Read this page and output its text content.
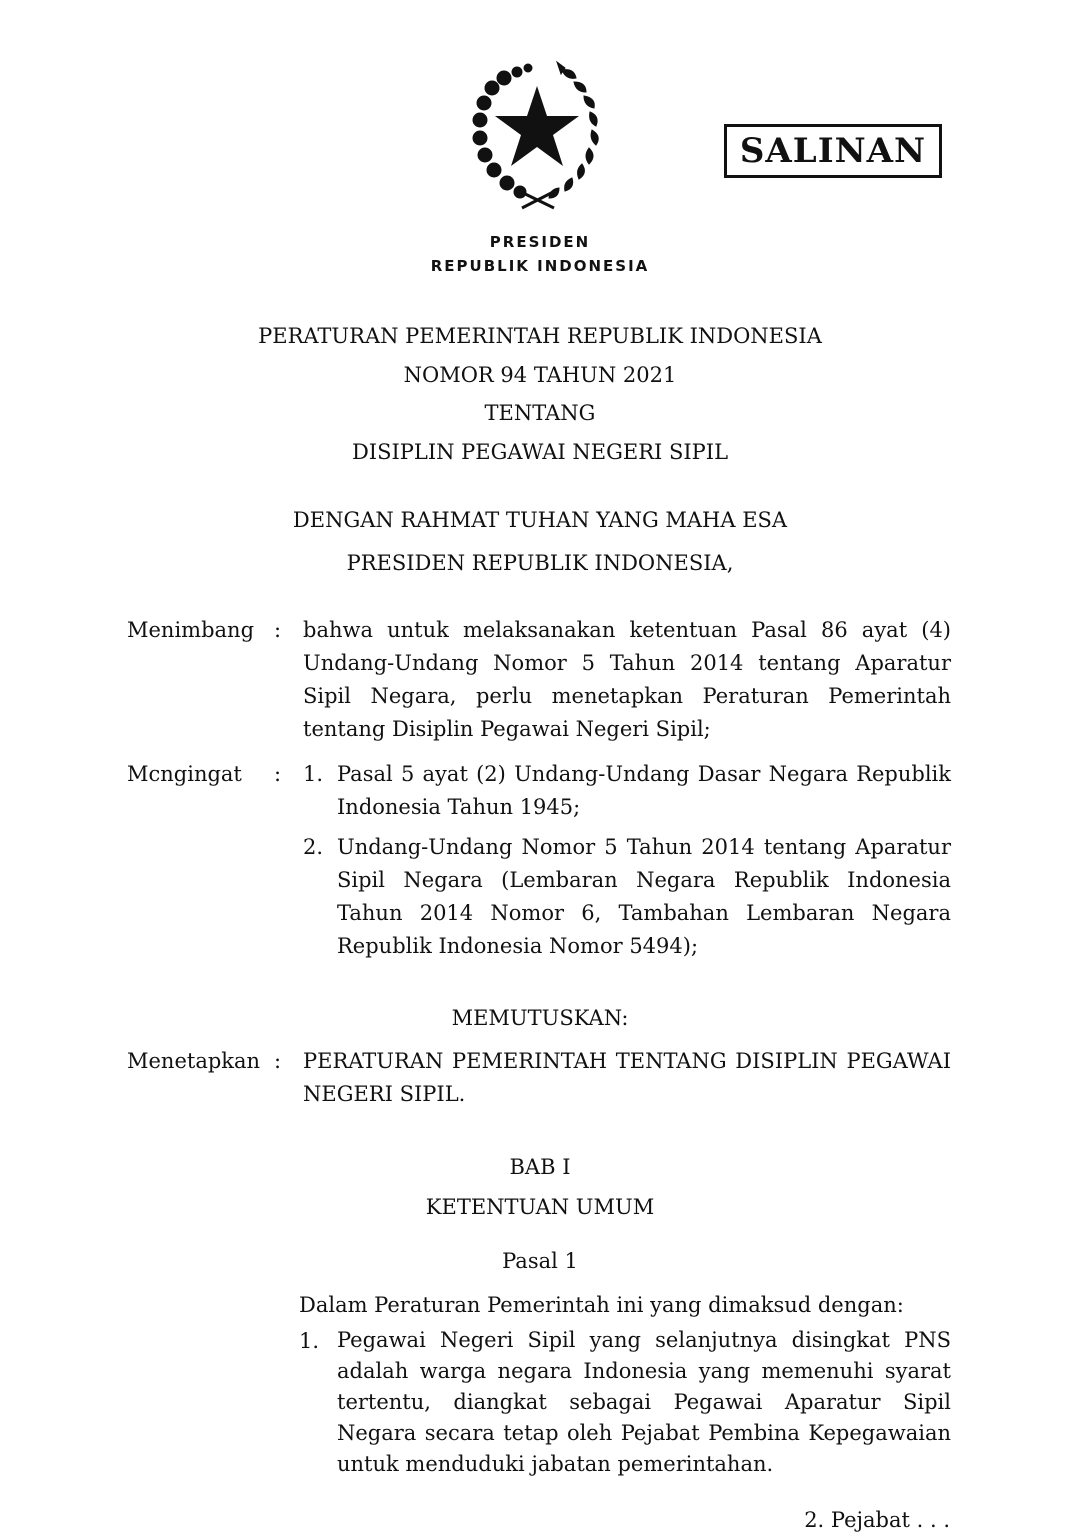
SALINAN
PRESIDEN
REPUBLIK INDONESIA
PERATURAN PEMERINTAH REPUBLIK INDONESIA
NOMOR 94 TAHUN 2021
TENTANG
DISIPLIN PEGAWAI NEGERI SIPIL
DENGAN RAHMAT TUHAN YANG MAHA ESA
PRESIDEN REPUBLIK INDONESIA,
Menimbang : bahwa untuk melaksanakan ketentuan Pasal 86 ayat (4) Undang-Undang Nomor 5 Tahun 2014 tentang Aparatur Sipil Negara, perlu menetapkan Peraturan Pemerintah tentang Disiplin Pegawai Negeri Sipil;
Mcngingat : 1. Pasal 5 ayat (2) Undang-Undang Dasar Negara Republik Indonesia Tahun 1945;
2. Undang-Undang Nomor 5 Tahun 2014 tentang Aparatur Sipil Negara (Lembaran Negara Republik Indonesia Tahun 2014 Nomor 6, Tambahan Lembaran Negara Republik Indonesia Nomor 5494);
MEMUTUSKAN:
Menetapkan : PERATURAN PEMERINTAH TENTANG DISIPLIN PEGAWAI NEGERI SIPIL.
BAB I
KETENTUAN UMUM
Pasal 1
Dalam Peraturan Pemerintah ini yang dimaksud dengan:
1. Pegawai Negeri Sipil yang selanjutnya disingkat PNS adalah warga negara Indonesia yang memenuhi syarat tertentu, diangkat sebagai Pegawai Aparatur Sipil Negara secara tetap oleh Pejabat Pembina Kepegawaian untuk menduduki jabatan pemerintahan.
2. Pejabat . . .
